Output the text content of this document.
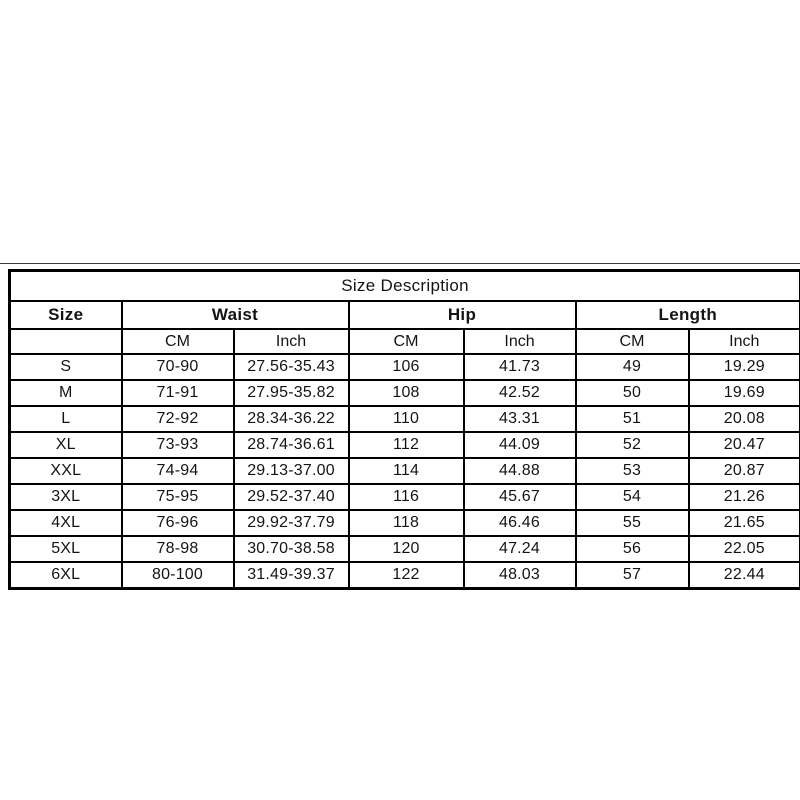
Size Description						
Size	Waist		Hip		Length	
	CM	Inch	CM	Inch	CM	Inch
S	70-90	27.56-35.43	106	41.73	49	19.29
M	71-91	27.95-35.82	108	42.52	50	19.69
L	72-92	28.34-36.22	110	43.31	51	20.08
XL	73-93	28.74-36.61	112	44.09	52	20.47
XXL	74-94	29.13-37.00	114	44.88	53	20.87
3XL	75-95	29.52-37.40	116	45.67	54	21.26
4XL	76-96	29.92-37.79	118	46.46	55	21.65
5XL	78-98	30.70-38.58	120	47.24	56	22.05
6XL	80-100	31.49-39.37	122	48.03	57	22.44
